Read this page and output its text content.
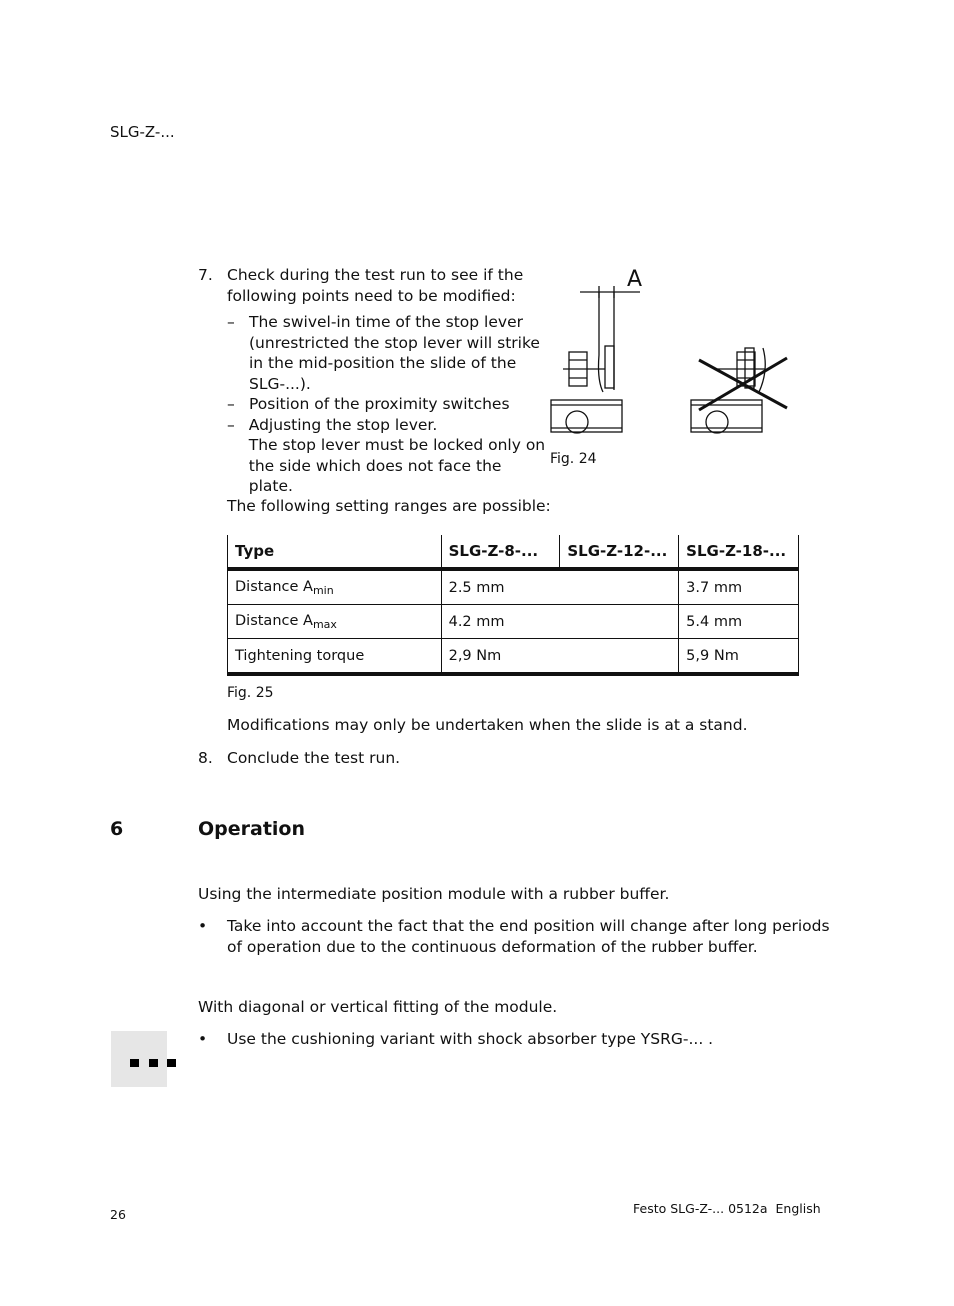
SLG-Z-...
7. Check during the test run to see if the
following points need to be modified:
– The swivel-in time of the stop lever
(unrestricted the stop lever will strike
in the mid-position the slide of the
SLG-...).
– Position of the proximity switches
– Adjusting the stop lever.
The stop lever must be locked only on
the side which does not face the plate.
A
Fig. 24
The following setting ranges are possible:
Type	SLG-Z-8-...	SLG-Z-12-...	SLG-Z-18-...
Distance $A_{min}$	2.5 mm		3.7 mm
Distance $A_{max}$	4.2 mm		5.4 mm
Tightening torque	2,9 Nm		5,9 Nm
Fig. 25
Modifications may only be undertaken when the slide is at a stand.
8. Conclude the test run.
6	Operation
Using the intermediate position module with a rubber buffer.
• Take into account the fact that the end position will change after long periods
of operation due to the continuous deformation of the rubber buffer.
With diagonal or vertical fitting of the module.
• Use the cushioning variant with shock absorber type YSRG-... .
26	Festo SLG-Z-... 0512a  English
